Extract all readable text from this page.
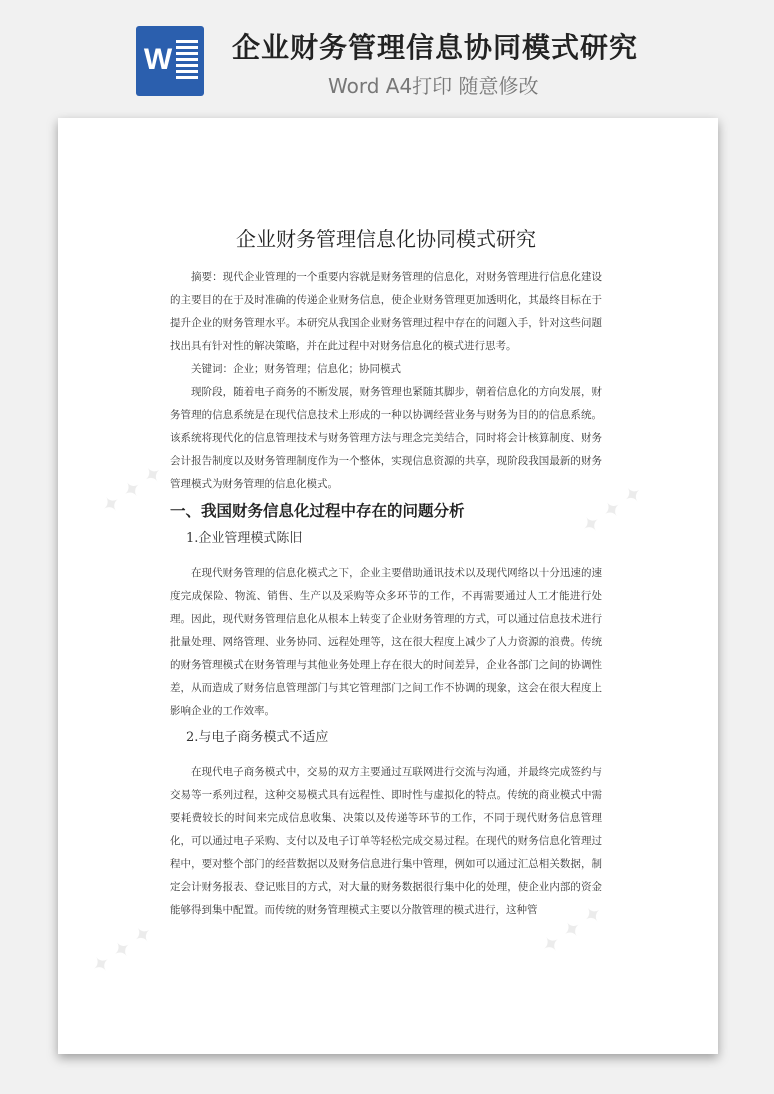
W 企业财务管理信息协同模式研究
Word A4打印 随意修改
✦ ✦ ✦	✦ ✦ ✦
✦ ✦ ✦	✦ ✦ ✦
企业财务管理信息化协同模式研究

摘要：现代企业管理的一个重要内容就是财务管理的信息化，对财务管理进行信息化建设的主要目的在于及时准确的传递企业财务信息，使企业财务管理更加透明化，其最终目标在于提升企业的财务管理水平。本研究从我国企业财务管理过程中存在的问题入手，针对这些问题找出具有针对性的解决策略，并在此过程中对财务信息化的模式进行思考。

关键词：企业；财务管理；信息化；协同模式

现阶段，随着电子商务的不断发展，财务管理也紧随其脚步，朝着信息化的方向发展，财务管理的信息系统是在现代信息技术上形成的一种以协调经营业务与财务为目的的信息系统。该系统将现代化的信息管理技术与财务管理方法与理念完美结合，同时将会计核算制度、财务会计报告制度以及财务管理制度作为一个整体，实现信息资源的共享，现阶段我国最新的财务管理模式为财务管理的信息化模式。

一、我国财务信息化过程中存在的问题分析
1.企业管理模式陈旧

在现代财务管理的信息化模式之下，企业主要借助通讯技术以及现代网络以十分迅速的速度完成保险、物流、销售、生产以及采购等众多环节的工作，不再需要通过人工才能进行处理。因此，现代财务管理信息化从根本上转变了企业财务管理的方式，可以通过信息技术进行批量处理、网络管理、业务协同、远程处理等，这在很大程度上减少了人力资源的浪费。传统的财务管理模式在财务管理与其他业务处理上存在很大的时间差异，企业各部门之间的协调性差，从而造成了财务信息管理部门与其它管理部门之间工作不协调的现象，这会在很大程度上影响企业的工作效率。

2.与电子商务模式不适应

在现代电子商务模式中，交易的双方主要通过互联网进行交流与沟通，并最终完成签约与交易等一系列过程，这种交易模式具有远程性、即时性与虚拟化的特点。传统的商业模式中需要耗费较长的时间来完成信息收集、决策以及传递等环节的工作，不同于现代财务信息管理化，可以通过电子采购、支付以及电子订单等轻松完成交易过程。在现代的财务信息化管理过程中，要对整个部门的经营数据以及财务信息进行集中管理，例如可以通过汇总相关数据，制定会计财务报表、登记账目的方式，对大量的财务数据很行集中化的处理，使企业内部的资金能够得到集中配置。而传统的财务管理模式主要以分散管理的模式进行，这种管
